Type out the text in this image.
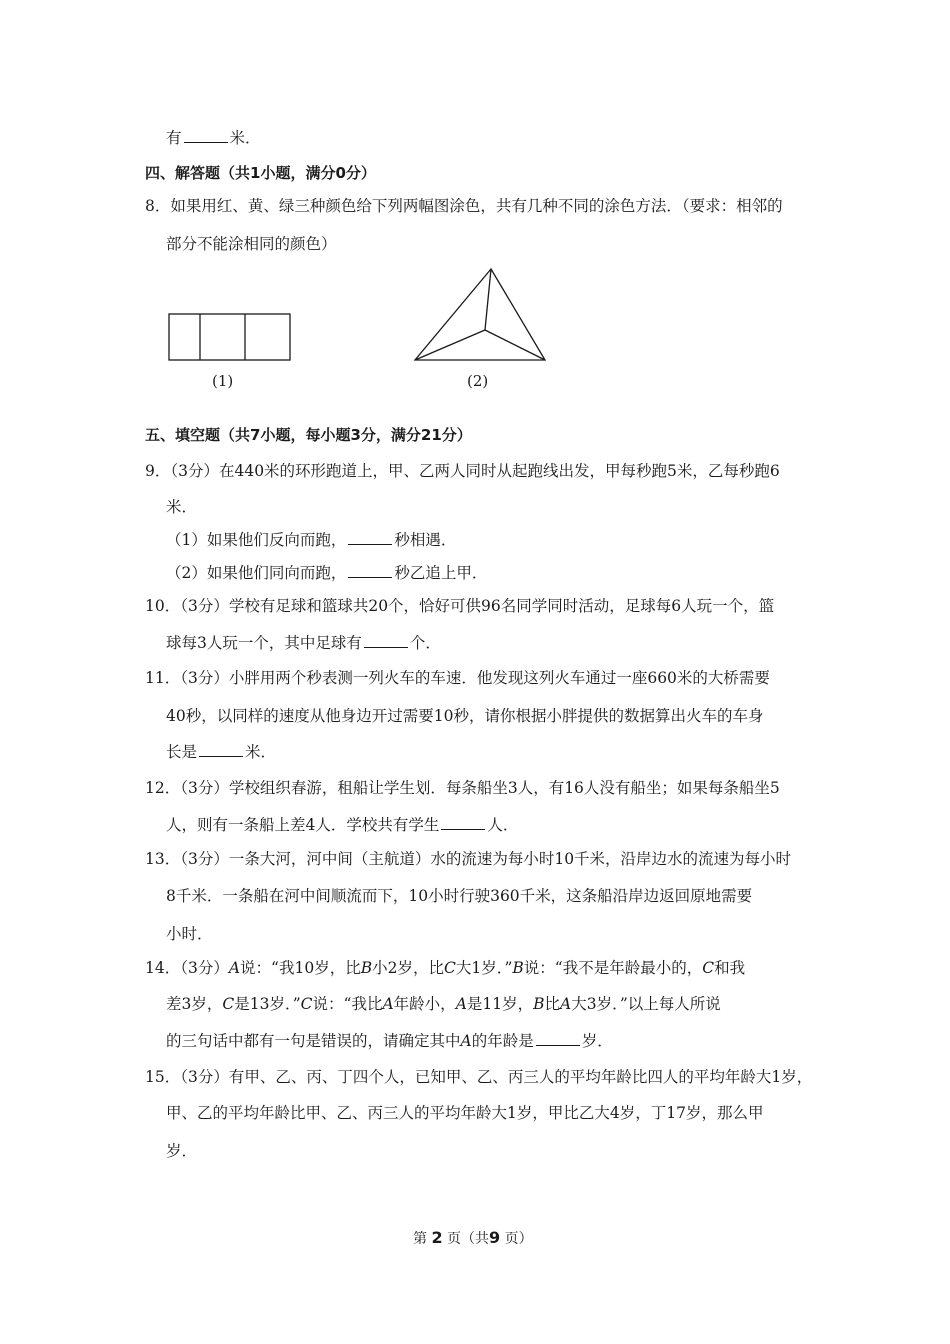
有	米．
四、解答题（共1小题，满分0分）
8．如果用红、黄、绿三种颜色给下列两幅图涂色，共有几种不同的涂色方法．（要求：相邻的
部分不能涂相同的颜色）
(1)	(2)
五、填空题（共7小题，每小题3分，满分21分）
9．（3分）在440米的环形跑道上，甲、乙两人同时从起跑线出发，甲每秒跑5米，乙每秒跑6
米．
（1）如果他们反向而跑，	秒相遇．
（2）如果他们同向而跑，	秒乙追上甲．
10．（3分）学校有足球和篮球共20个，恰好可供96名同学同时活动，足球每6人玩一个，篮
球每3人玩一个，其中足球有	个．
11．（3分）小胖用两个秒表测一列火车的车速．他发现这列火车通过一座660米的大桥需要
40秒，以同样的速度从他身边开过需要10秒，请你根据小胖提供的数据算出火车的车身
长是	米．
12．（3分）学校组织春游，租船让学生划．每条船坐3人，有16人没有船坐；如果每条船坐5
人，则有一条船上差4人．学校共有学生	人．
13．（3分）一条大河，河中间（主航道）水的流速为每小时10千米，沿岸边水的流速为每小时
8千米．一条船在河中间顺流而下，10小时行驶360千米，这条船沿岸边返回原地需要
小时．
14．（3分）A说：“我10岁，比B小2岁，比C大1岁．”B说：“我不是年龄最小的，C和我
差3岁，C是13岁．”C说：“我比A年龄小，A是11岁，B比A大3岁．”以上每人所说
的三句话中都有一句是错误的，请确定其中A的年龄是	岁．
15．（3分）有甲、乙、丙、丁四个人，已知甲、乙、丙三人的平均年龄比四人的平均年龄大1岁，
甲、乙的平均年龄比甲、乙、丙三人的平均年龄大1岁，甲比乙大4岁，丁17岁，那么甲
岁．
第 2 页（共9 页）
